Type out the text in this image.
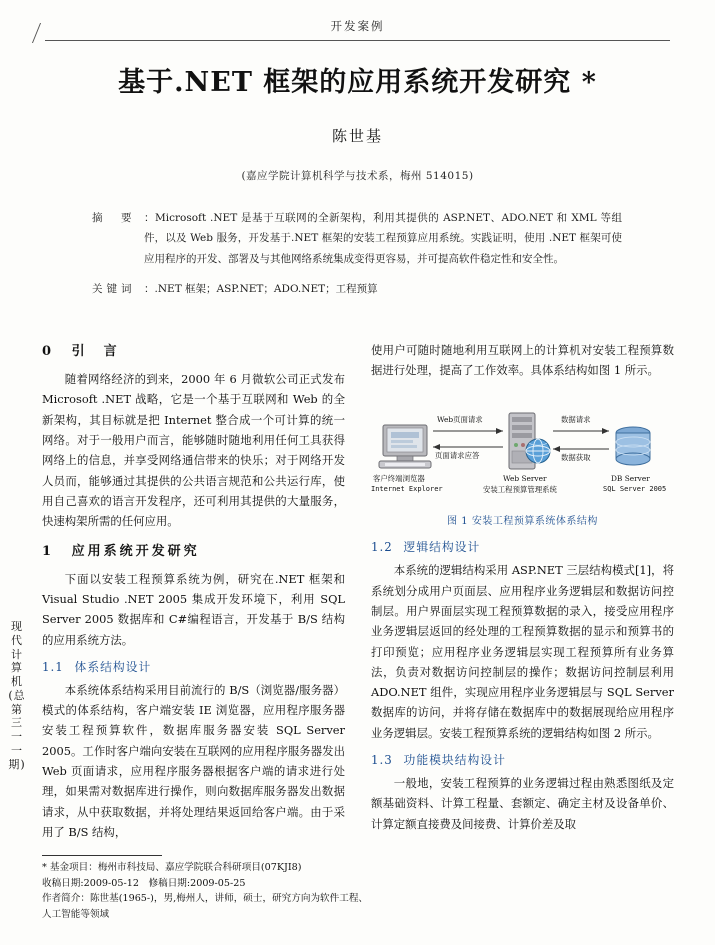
开发案例
基于.NET 框架的应用系统开发研究 *
陈世基
(嘉应学院计算机科学与技术系，梅州 514015)
摘　要 ：Microsoft .NET 是基于互联网的全新架构，利用其提供的 ASP.NET、ADO.NET 和 XML 等组件，以及 Web 服务，开发基于.NET 框架的安装工程预算应用系统。实践证明，使用 .NET 框架可使应用程序的开发、部署及与其他网络系统集成变得更容易，并可提高软件稳定性和安全性。
关键词 ：.NET 框架；ASP.NET；ADO.NET；工程预算
0 引　言

随着网络经济的到来，2000 年 6 月微软公司正式发布 Microsoft .NET 战略，它是一个基于互联网和 Web 的全新架构，其目标就是把 Internet 整合成一个可计算的统一网络。对于一般用户而言，能够随时随地利用任何工具获得网络上的信息，并享受网络通信带来的快乐；对于网络开发人员而，能够通过其提供的公共语言规范和公共运行库，使用自己喜欢的语言开发程序，还可利用其提供的大量服务，快速构架所需的任何应用。

1 应用系统开发研究

下面以安装工程预算系统为例，研究在.NET 框架和 Visual Studio .NET 2005 集成开发环境下，利用 SQL Server 2005 数据库和 C#编程语言，开发基于 B/S 结构的应用系统方法。

1.1 体系结构设计

本系统体系结构采用目前流行的 B/S（浏览器/服务器）模式的体系结构，客户端安装 IE 浏览器，应用程序服务器安装工程预算软件，数据库服务器安装 SQL Server 2005。工作时客户端向安装在互联网的应用程序服务器发出 Web 页面请求，应用程序服务器根据客户端的请求进行处理，如果需对数据库进行操作，则向数据库服务器发出数据请求，从中获取数据，并将处理结果返回给客户端。由于采用了 B/S 结构，

使用户可随时随地利用互联网上的计算机对安装工程预算数据进行处理，提高了工作效率。具体系结构如图 1 所示。

Web页面请求
页面请求应答
数据请求
数据获取
客户终端浏览器
Internet Explorer
Web Server
安装工程预算管理系统
DB Server
SQL Server 2005
图 1 安装工程预算系统体系结构
1.2 逻辑结构设计

本系统的逻辑结构采用 ASP.NET 三层结构模式[1]，将系统划分成用户页面层、应用程序业务逻辑层和数据访问控制层。用户界面层实现工程预算数据的录入，接受应用程序业务逻辑层返回的经处理的工程预算数据的显示和预算书的打印预览；应用程序业务逻辑层实现工程预算所有业务算法，负责对数据访问控制层的操作；数据访问控制层利用 ADO.NET 组件，实现应用程序业务逻辑层与 SQL Server 数据库的访问，并将存储在数据库中的数据展现给应用程序业务逻辑层。安装工程预算系统的逻辑结构如图 2 所示。

1.3 功能模块结构设计

一般地，安装工程预算的业务逻辑过程由熟悉图纸及定额基础资料、计算工程量、套额定、确定主材及设备单价、计算定额直接费及间接费、计算价差及取

* 基金项目：梅州市科技局、嘉应学院联合科研项目(07KJI8)

收稿日期:2009-05-12　修稿日期:2009-05-25

作者简介：陈世基(1965-)，男,梅州人，讲师，硕士，研究方向为软件工程、人工智能等领域

现代计算机 (总第三一一期)
